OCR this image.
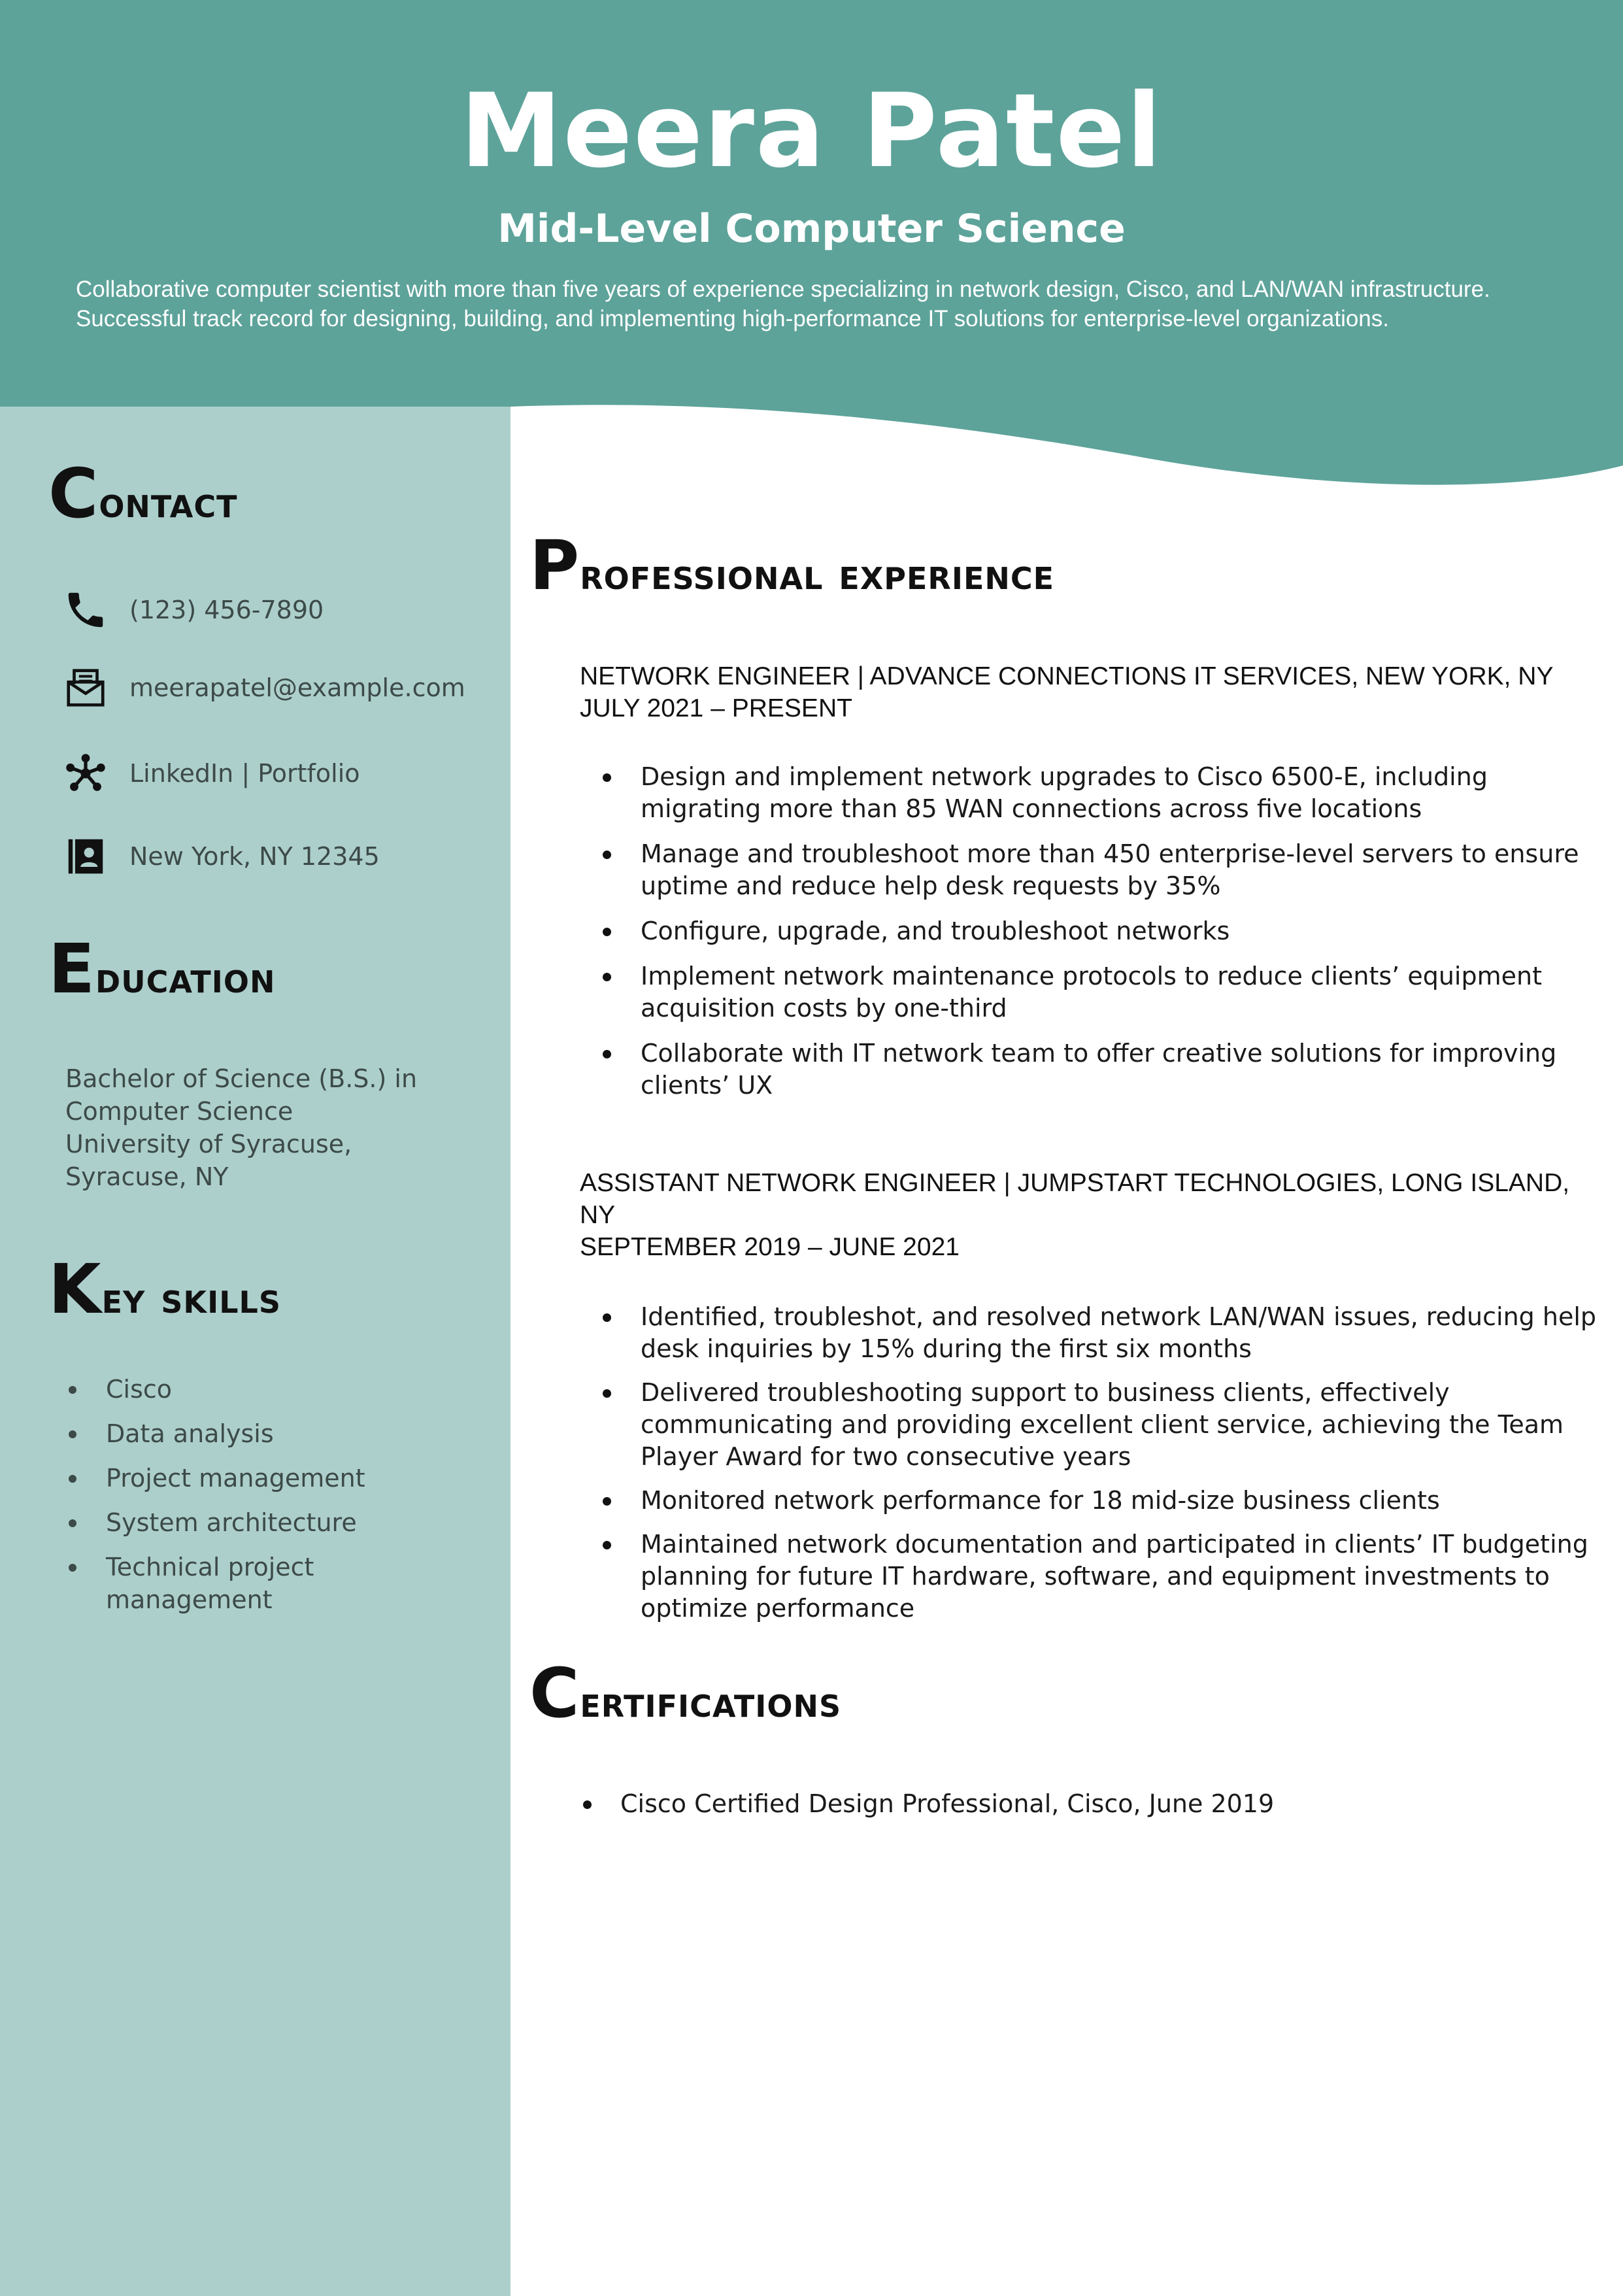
Meera Patel
Mid-Level Computer Science
Collaborative computer scientist with more than five years of experience specializing in network design, Cisco, and LAN/WAN infrastructure. Successful track record for designing, building, and implementing high-performance IT solutions for enterprise-level organizations.
Contact
(123) 456-7890
meerapatel@example.com
LinkedIn | Portfolio
New York, NY 12345
Education
Bachelor of Science (B.S.) in
Computer Science
University of Syracuse,
Syracuse, NY
Key skills
Cisco
Data analysis
Project management
System architecture
Technical project management
Professional experience
NETWORK ENGINEER | ADVANCE CONNECTIONS IT SERVICES, NEW YORK, NY
JULY 2021 – PRESENT
Design and implement network upgrades to Cisco 6500-E, including migrating more than 85 WAN connections across five locations
Manage and troubleshoot more than 450 enterprise-level servers to ensure uptime and reduce help desk requests by 35%
Configure, upgrade, and troubleshoot networks
Implement network maintenance protocols to reduce clients’ equipment acquisition costs by one-third
Collaborate with IT network team to offer creative solutions for improving clients’ UX
ASSISTANT NETWORK ENGINEER | JUMPSTART TECHNOLOGIES, LONG ISLAND, NY
SEPTEMBER 2019 – JUNE 2021
Identified, troubleshot, and resolved network LAN/WAN issues, reducing help desk inquiries by 15% during the first six months
Delivered troubleshooting support to business clients, effectively communicating and providing excellent client service, achieving the Team Player Award for two consecutive years
Monitored network performance for 18 mid-size business clients
Maintained network documentation and participated in clients’ IT budgeting planning for future IT hardware, software, and equipment investments to optimize performance
Certifications
Cisco Certified Design Professional, Cisco, June 2019
